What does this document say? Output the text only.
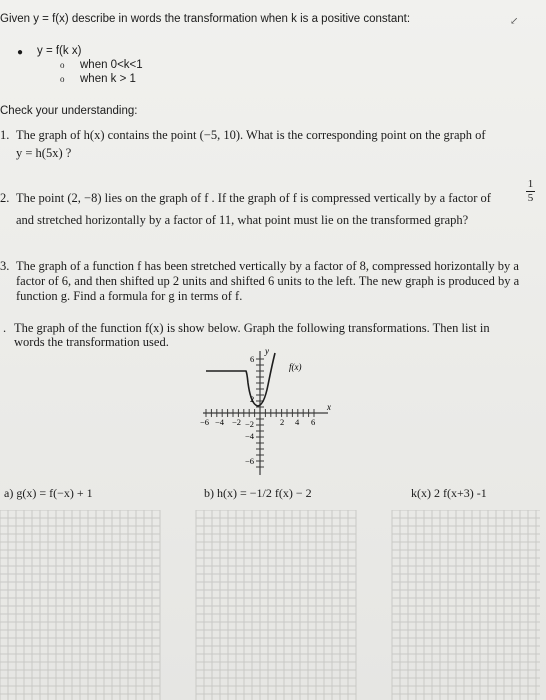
Given y = f(x) describe in words the transformation when k is a positive constant:	↙
● y = f(k x)
o when 0<k<1
o when k > 1
Check your understanding:
1. The graph of h(x) contains the point (−5, 10). What is the corresponding point on the graph of
y = h(5x) ?
2. The point (2, −8) lies on the graph of f . If the graph of f is compressed vertically by a factor of
1
5
and stretched horizontally by a factor of 11, what point must lie on the transformed graph?
3. The graph of a function f has been stretched vertically by a factor of 8, compressed horizontally by a
factor of 6, and then shifted up 2 units and shifted 6 units to the left. The new graph is produced by a
function g. Find a formula for g in terms of f.
. The graph of the function f(x) is show below. Graph the following transformations. Then list in
words the transformation used.
y
x
f(x)
6
2
−2
−4
−6
−6 −4 −2	2 4 6
a) g(x) = f(−x) + 1	b) h(x) = −1/2 f(x) − 2	k(x) 2 f(x+3) -1
